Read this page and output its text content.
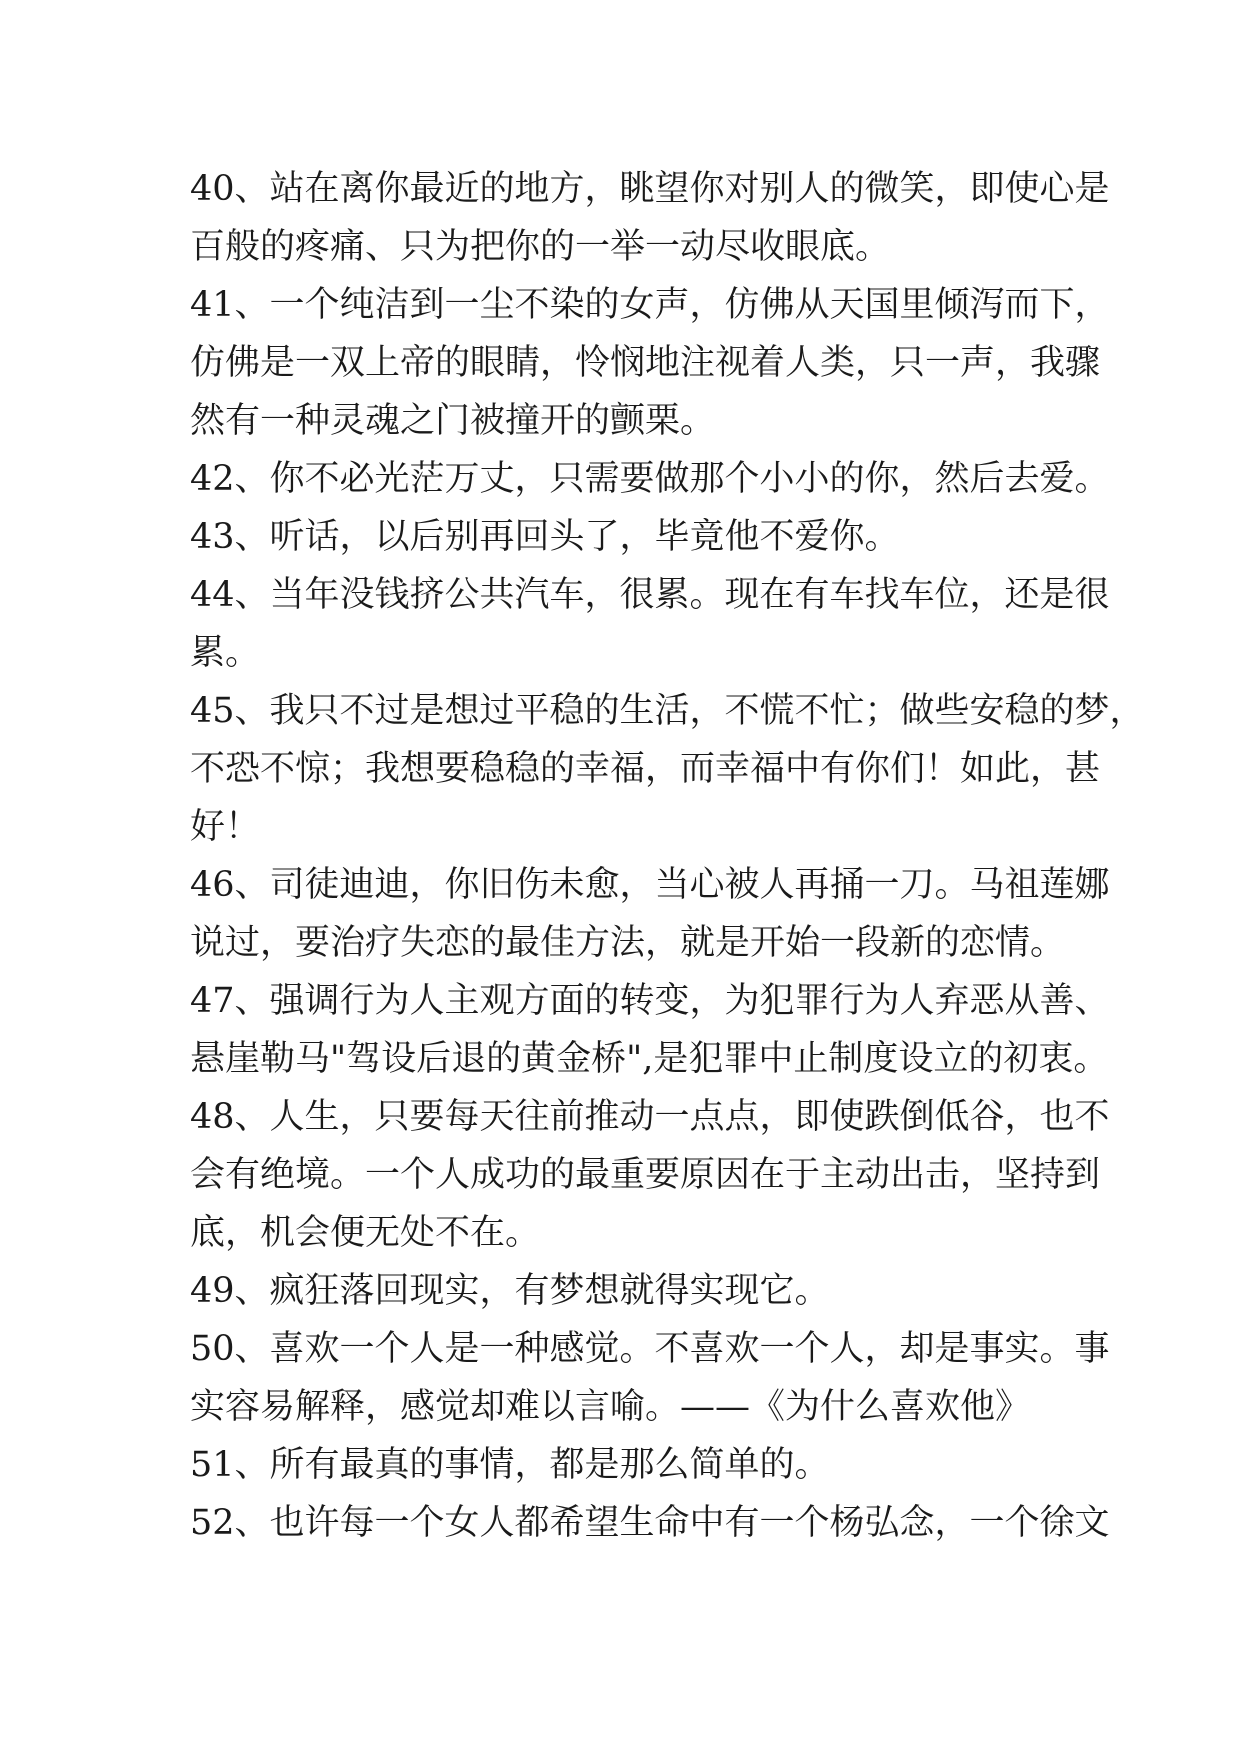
40、站在离你最近的地方，眺望你对别人的微笑，即使心是
百般的疼痛、只为把你的一举一动尽收眼底。
41、一个纯洁到一尘不染的女声，仿佛从天国里倾泻而下，
仿佛是一双上帝的眼睛，怜悯地注视着人类，只一声，我骤
然有一种灵魂之门被撞开的颤栗。
42、你不必光茫万丈，只需要做那个小小的你，然后去爱。
43、听话，以后别再回头了，毕竟他不爱你。
44、当年没钱挤公共汽车，很累。现在有车找车位，还是很
累。
45、我只不过是想过平稳的生活，不慌不忙；做些安稳的梦，
不恐不惊；我想要稳稳的幸福，而幸福中有你们！如此，甚
好！
46、司徒迪迪，你旧伤未愈，当心被人再捅一刀。马祖莲娜
说过，要治疗失恋的最佳方法，就是开始一段新的恋情。
47、强调行为人主观方面的转变，为犯罪行为人弃恶从善、
悬崖勒马"驾设后退的黄金桥",是犯罪中止制度设立的初衷。
48、人生，只要每天往前推动一点点，即使跌倒低谷，也不
会有绝境。一个人成功的最重要原因在于主动出击，坚持到
底，机会便无处不在。
49、疯狂落回现实，有梦想就得实现它。
50、喜欢一个人是一种感觉。不喜欢一个人，却是事实。事
实容易解释，感觉却难以言喻。——《为什么喜欢他》
51、所有最真的事情，都是那么简单的。
52、也许每一个女人都希望生命中有一个杨弘念，一个徐文
